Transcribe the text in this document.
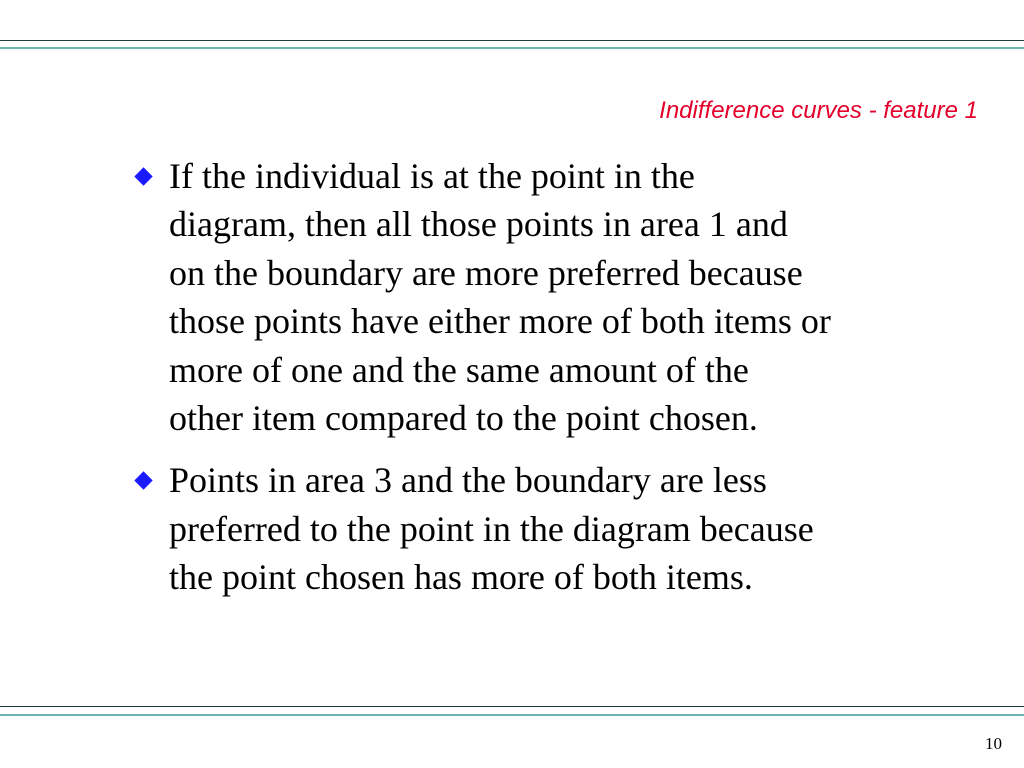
Indifference curves - feature 1
If the individual is at the point in the
diagram, then all those points in area 1 and
on the boundary are more preferred because
those points have either more of both items or
more of one and the same amount of the
other item compared to the point chosen.
Points in area 3 and the boundary are less
preferred to the point in the diagram because
the point chosen has more of both items.
10
